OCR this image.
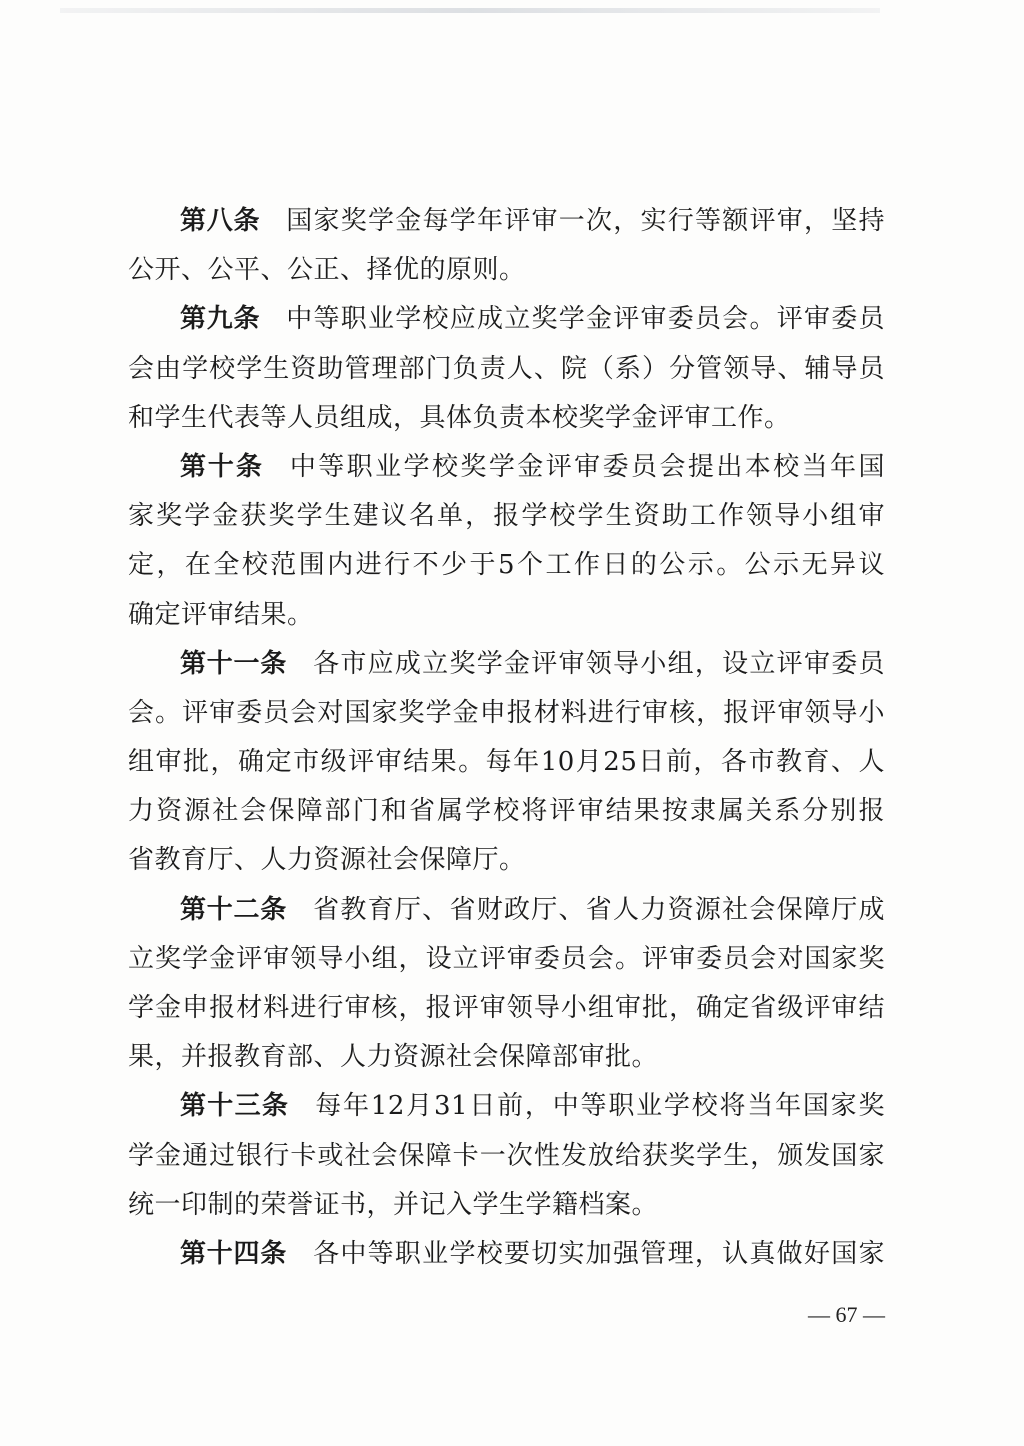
第八条 国家奖学金每学年评审一次，实行等额评审，坚持
公开、公平、公正、择优的原则。
第九条 中等职业学校应成立奖学金评审委员会。评审委员
会由学校学生资助管理部门负责人、院（系）分管领导、辅导员
和学生代表等人员组成，具体负责本校奖学金评审工作。
第十条 中等职业学校奖学金评审委员会提出本校当年国
家奖学金获奖学生建议名单，报学校学生资助工作领导小组审
定，在全校范围内进行不少于5个工作日的公示。公示无异议
确定评审结果。
第十一条 各市应成立奖学金评审领导小组，设立评审委员
会。评审委员会对国家奖学金申报材料进行审核，报评审领导小
组审批，确定市级评审结果。每年10月25日前，各市教育、人
力资源社会保障部门和省属学校将评审结果按隶属关系分别报
省教育厅、人力资源社会保障厅。
第十二条 省教育厅、省财政厅、省人力资源社会保障厅成
立奖学金评审领导小组，设立评审委员会。评审委员会对国家奖
学金申报材料进行审核，报评审领导小组审批，确定省级评审结
果，并报教育部、人力资源社会保障部审批。
第十三条 每年12月31日前，中等职业学校将当年国家奖
学金通过银行卡或社会保障卡一次性发放给获奖学生，颁发国家
统一印制的荣誉证书，并记入学生学籍档案。
第十四条 各中等职业学校要切实加强管理，认真做好国家
— 67 —
